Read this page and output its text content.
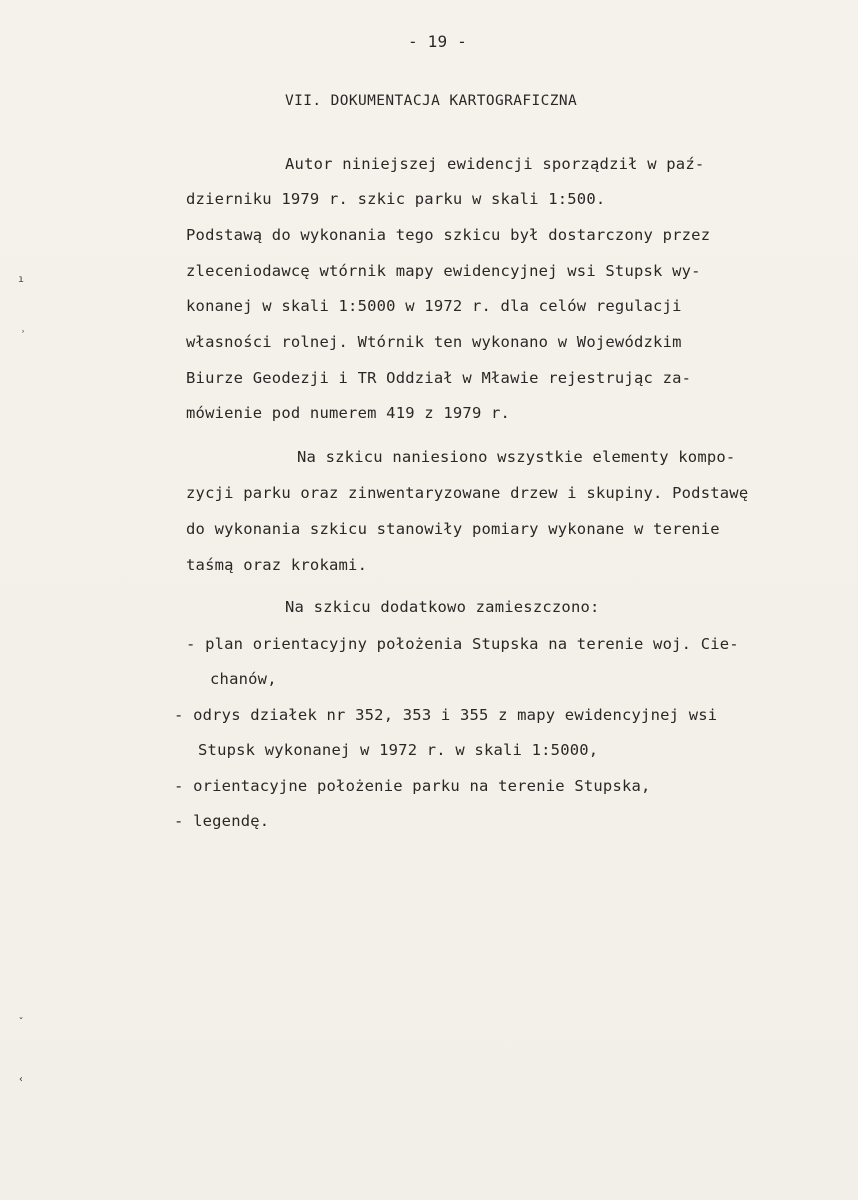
- 19 -
VII. DOKUMENTACJA KARTOGRAFICZNA
Autor niniejszej ewidencji sporządził w paź-
dzierniku 1979 r. szkic parku w skali 1:500.
Podstawą do wykonania tego szkicu był dostarczony przez
zleceniodawcę wtórnik mapy ewidencyjnej wsi Stupsk wy-
konanej w skali 1:5000 w 1972 r. dla celów regulacji
własności rolnej. Wtórnik ten wykonano w Wojewódzkim
Biurze Geodezji i TR Oddział w Mławie rejestrując za-
mówienie pod numerem 419 z 1979 r.
Na szkicu naniesiono wszystkie elementy kompo-
zycji parku oraz zinwentaryzowane drzew i skupiny. Podstawę
do wykonania szkicu stanowiły pomiary wykonane w terenie
taśmą oraz krokami.
Na szkicu dodatkowo zamieszczono:
- plan orientacyjny położenia Stupska na terenie woj. Cie-
chanów,
- odrys działek nr 352, 353 i 355 z mapy ewidencyjnej wsi
Stupsk wykonanej w 1972 r. w skali 1:5000,
- orientacyjne położenie parku na terenie Stupska,
- legendę.
ı
˒
ˇ
‹
